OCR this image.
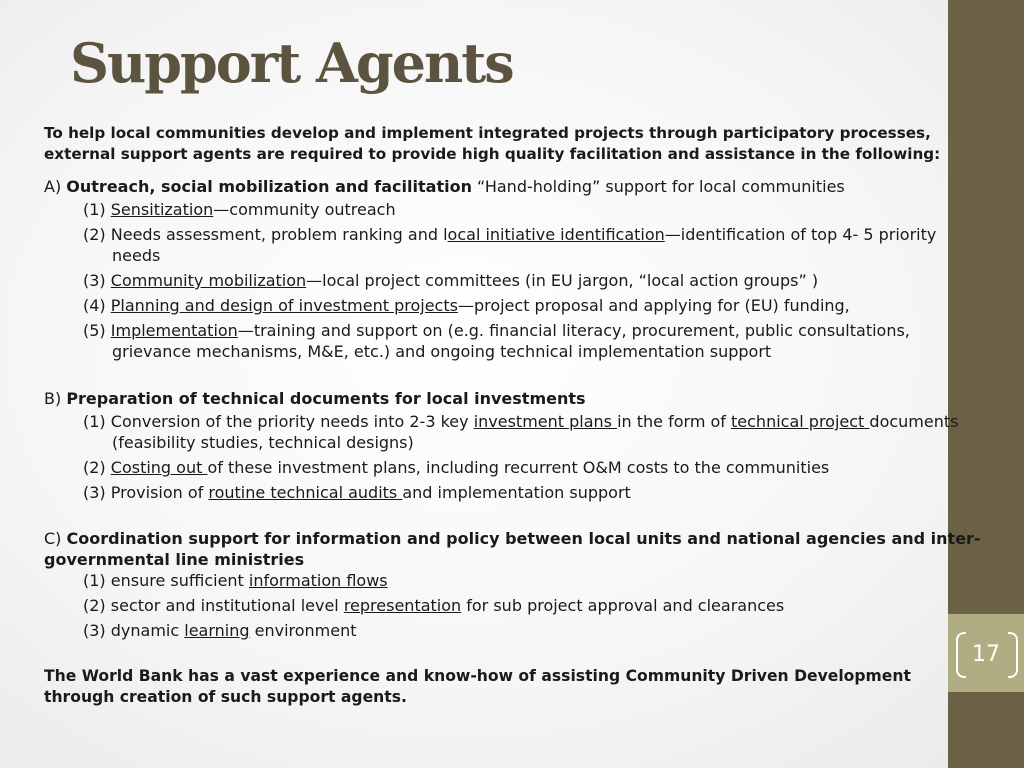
17
Support Agents

To help local communities develop and implement integrated projects through participatory processes, external support agents are required to provide high quality facilitation and assistance in the following:

A) Outreach, social mobilization and facilitation “Hand-holding” support for local communities

(1) Sensitization—community outreach
(2) Needs assessment, problem ranking and local initiative identification—identification of top 4- 5 priority needs
(3) Community mobilization—local project committees (in EU jargon, “local action groups” )
(4) Planning and design of investment projects—project proposal and applying for (EU) funding,
(5) Implementation—training and support on (e.g. financial literacy, procurement, public consultations, grievance mechanisms, M&E, etc.) and ongoing technical implementation support

B) Preparation of technical documents for local investments

(1) Conversion of the priority needs into 2-3 key investment plans in the form of technical project documents (feasibility studies, technical designs)
(2) Costing out of these investment plans, including recurrent O&M costs to the communities
(3) Provision of routine technical audits and implementation support

C) Coordination support for information and policy between local units and national agencies and inter-governmental line ministries

(1) ensure sufficient information flows
(2) sector and institutional level representation for sub project approval and clearances
(3) dynamic learning environment

The World Bank has a vast experience and know-how of assisting Community Driven Development through creation of such support agents.
